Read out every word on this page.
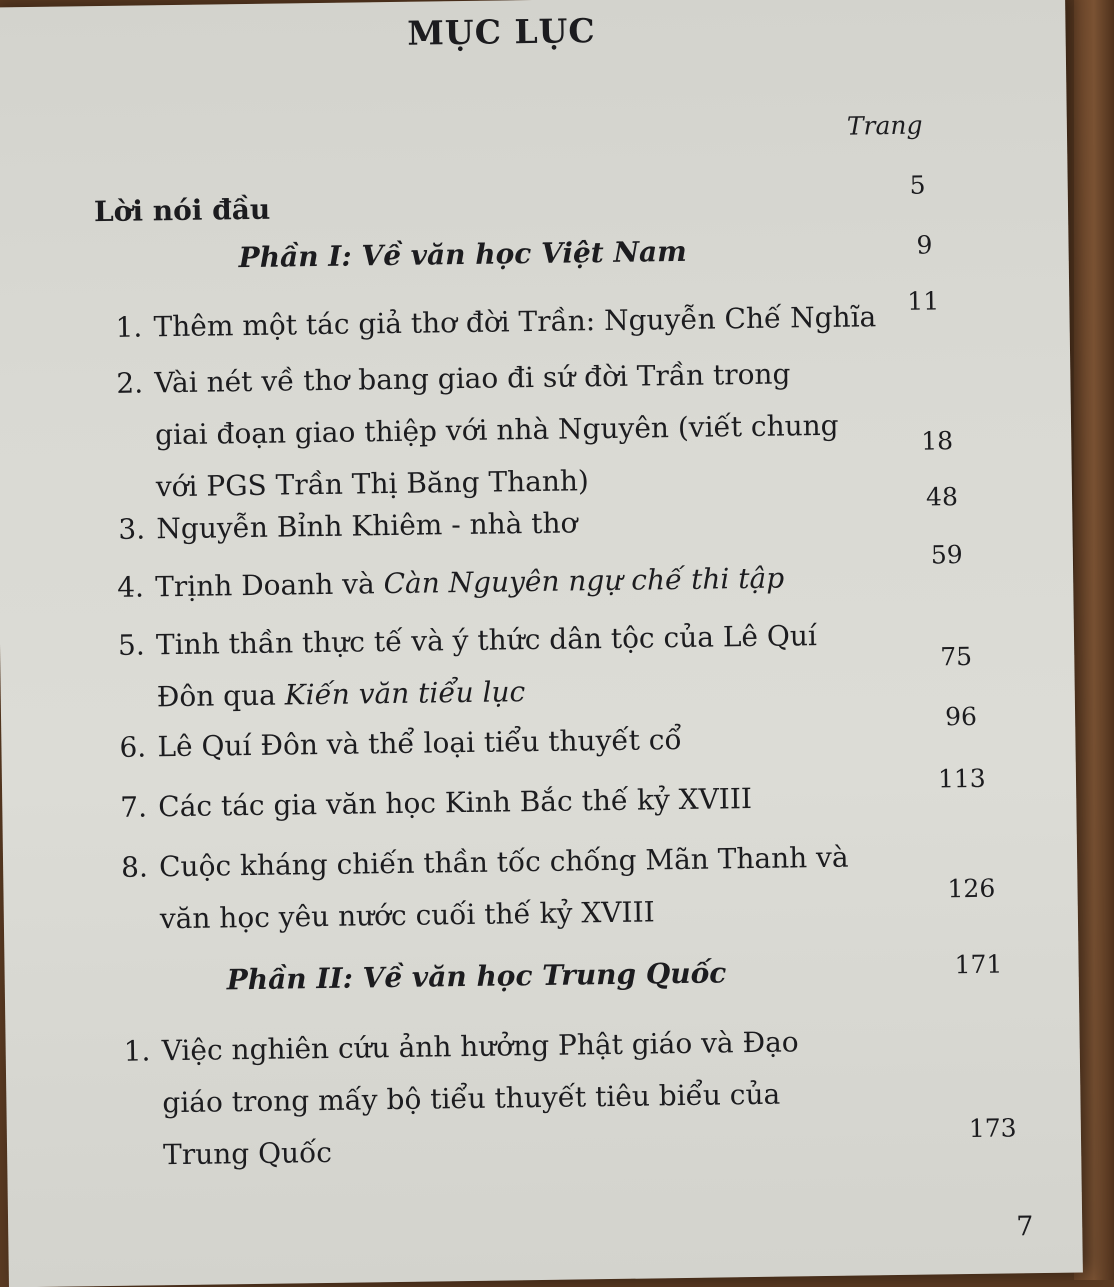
MỤC LỤC
Trang
Lời nói đầu
5
Phần I: Về văn học Việt Nam	9
1. Thêm một tác giả thơ đời Trần: Nguyễn Chế Nghĩa 11
2. Vài nét về thơ bang giao đi sứ đời Trần trong
giai đoạn giao thiệp với nhà Nguyên (viết chung
với PGS Trần Thị Băng Thanh)
18
3. Nguyễn Bỉnh Khiêm - nhà thơ
48
4. Trịnh Doanh và Càn Nguyên ngự chế thi tập
59
5. Tinh thần thực tế và ý thức dân tộc của Lê Quí
Đôn qua Kiến văn tiểu lục
75
6. Lê Quí Đôn và thể loại tiểu thuyết cổ
96
7. Các tác gia văn học Kinh Bắc thế kỷ XVIII
113
8. Cuộc kháng chiến thần tốc chống Mãn Thanh và
văn học yêu nước cuối thế kỷ XVIII
126
Phần II: Về văn học Trung Quốc	171
1. Việc nghiên cứu ảnh hưởng Phật giáo và Đạo
giáo trong mấy bộ tiểu thuyết tiêu biểu của
Trung Quốc
173
7
